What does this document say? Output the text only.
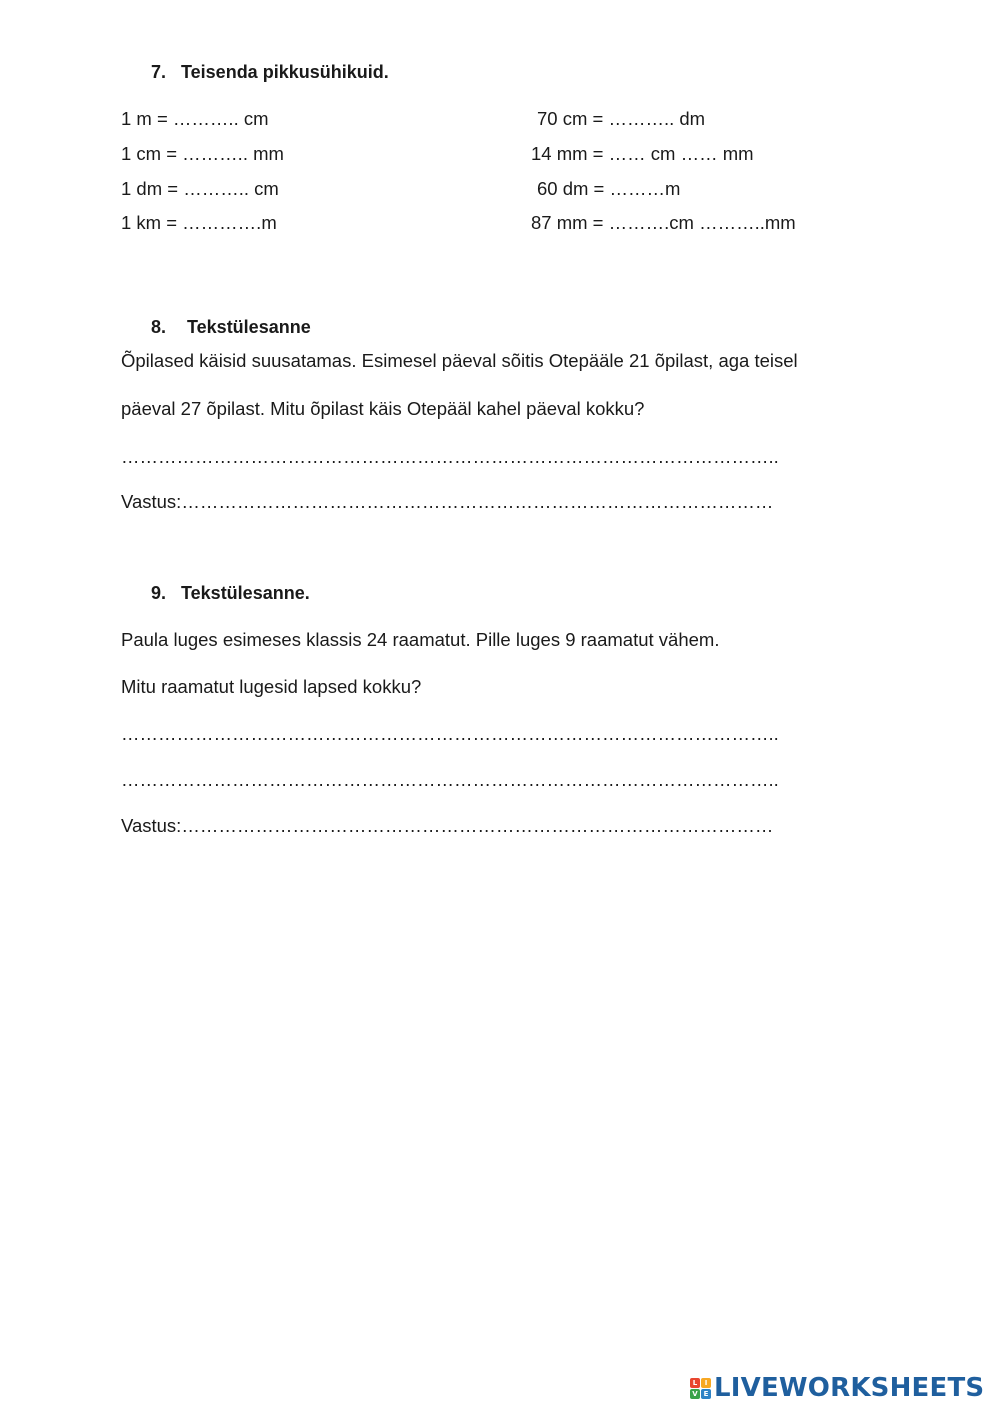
7. Teisenda pikkusühikuid.
1 m = ……….. cm
1 cm = ……….. mm
1 dm = ……….. cm
1 km = ………….m
70 cm = ……….. dm
14 mm = …… cm …… mm
60 dm = ………m
87 mm = ……….cm ………..mm
8. Tekstülesanne
Õpilased käisid suusatamas. Esimesel päeval sõitis Otepääle 21 õpilast, aga teisel
päeval 27 õpilast. Mitu õpilast käis Otepääl kahel päeval kokku?
……………………………………………………………………………………………..
Vastus:……………………………………………………………………………………
9. Tekstülesanne.
Paula luges esimeses klassis 24 raamatut. Pille luges 9 raamatut vähem.
Mitu raamatut lugesid lapsed kokku?
……………………………………………………………………………………………..
……………………………………………………………………………………………..
Vastus:……………………………………………………………………………………
L	I
V E LIVEWORKSHEETS
